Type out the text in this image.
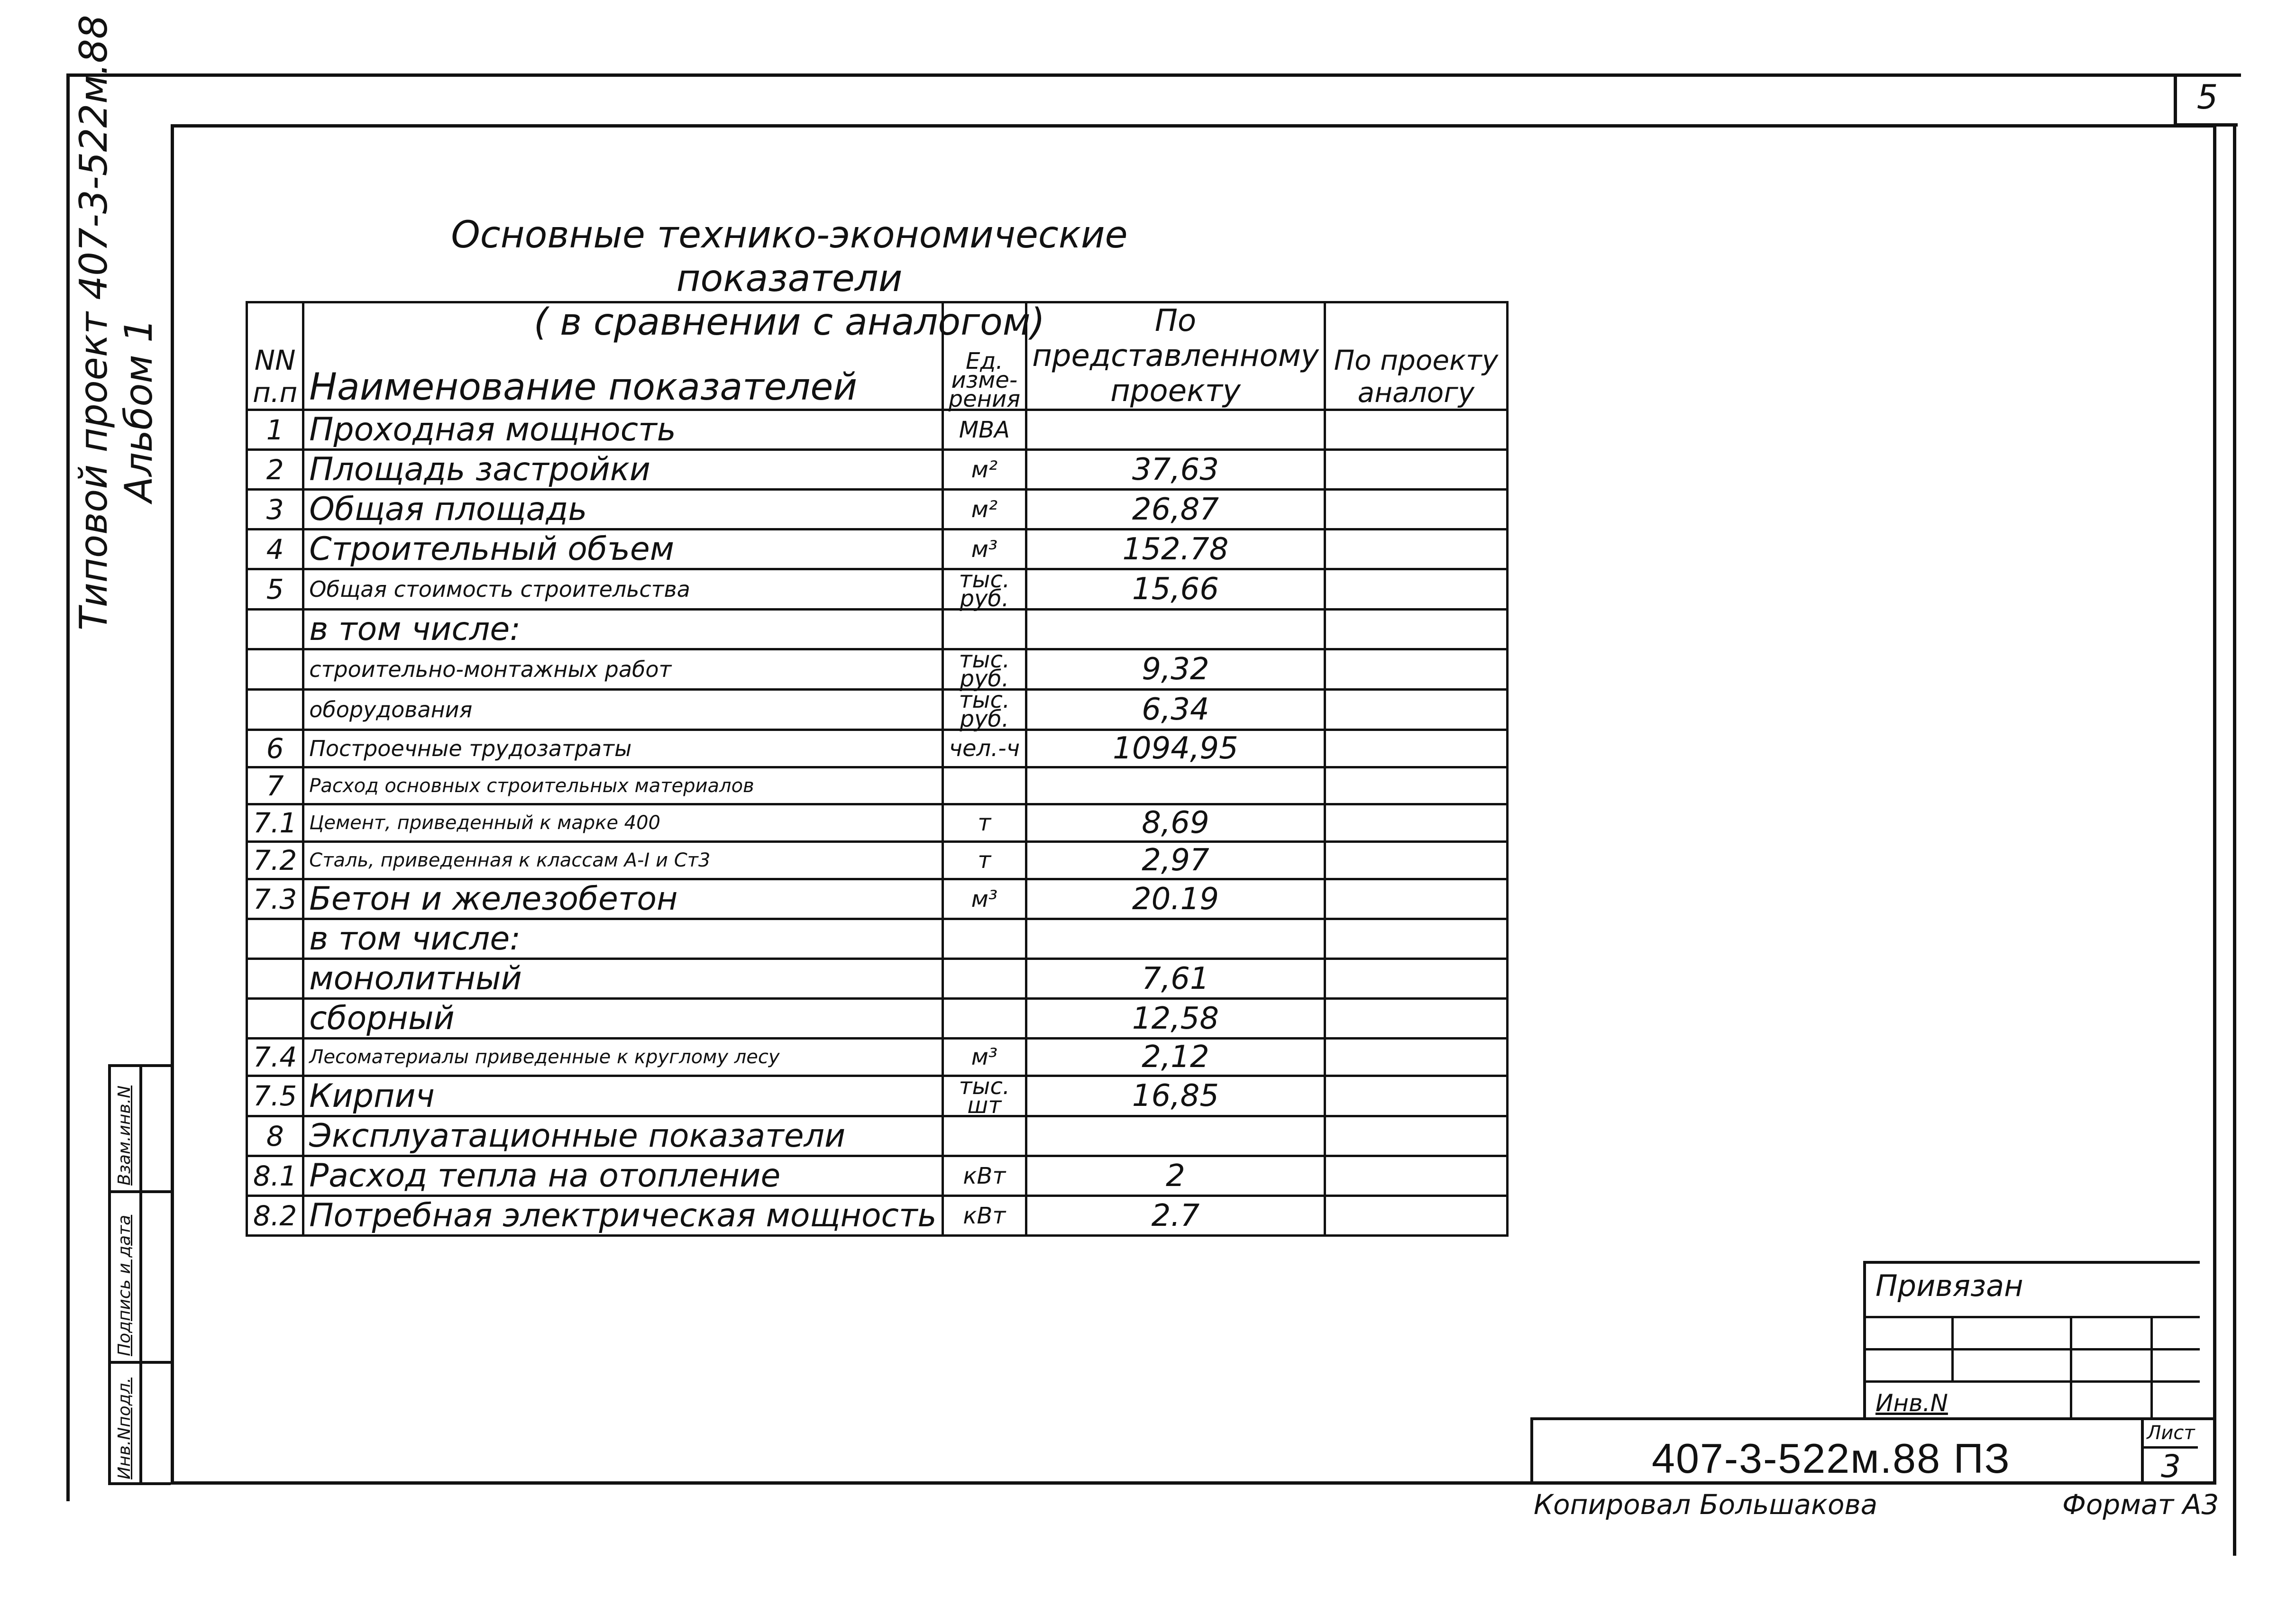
5
Типовой проект 407-3-522м.88 Альбом 1
Инв.Nподл.
Подпись и дата
Взам.инв.N
Основные технико-экономические показатели
( в сравнении с аналогом)
NN п.п	Наименование показателей	Ед. изме-рения	По представленному проекту	По проекту аналогу
1	Проходная мощность	МВА		
2	Площадь застройки	м²	37,63	
3	Общая площадь	м²	26,87	
4	Строительный объем	м³	152.78	
5	Общая стоимость строительства	тыс. руб.	15,66	
	в том числе:			
	строительно-монтажных работ	тыс. руб.	9,32	
	оборудования	тыс. руб.	6,34	
6	Построечные трудозатраты	чел.-ч	1094,95	
7	Расход основных строительных материалов			
7.1	Цемент, приведенный к марке 400	т	8,69	
7.2	Сталь, приведенная к классам A-I и Ст3	т	2,97	
7.3	Бетон и железобетон	м³	20.19	
	в том числе:			
	монолитный		7,61	
	сборный		12,58	
7.4	Лесоматериалы приведенные к круглому лесу	м³	2,12	
7.5	Кирпич	тыс. шт	16,85	
8	Эксплуатационные показатели			
8.1	Расход тепла на отопление	кВт	2	
8.2	Потребная электрическая мощность	кВт	2.7	
Привязан
Инв.N
407-3-522м.88 ПЗ
Лист
3
Копировал Большакова	Формат А3
